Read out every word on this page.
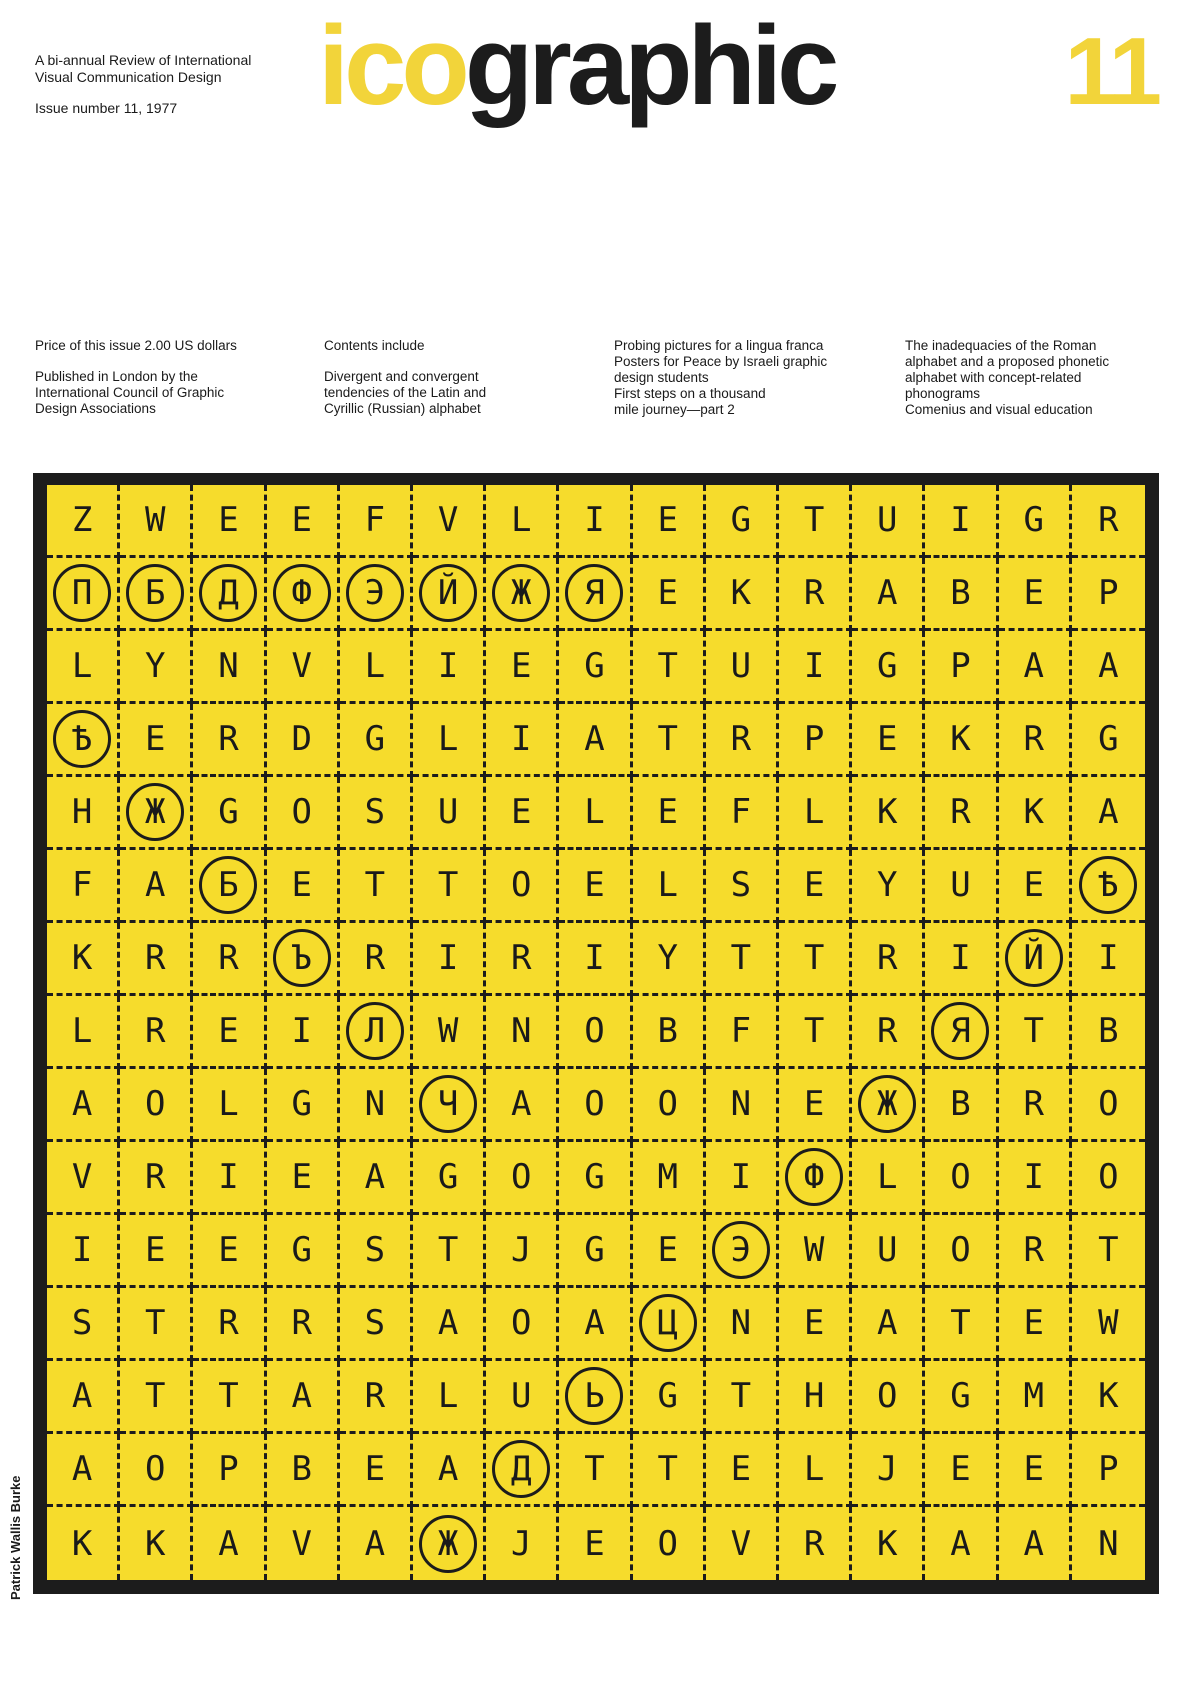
A bi-annual Review of International
Visual Communication Design
Issue number 11, 1977 icographic 11

Price of this issue 2.00 US dollars

Published in London by the

International Council of Graphic

Design Associations

Contents include

Divergent and convergent

tendencies of the Latin and

Cyrillic (Russian) alphabet

Probing pictures for a lingua franca

Posters for Peace by Israeli graphic

design students

First steps on a thousand

mile journey—part 2

The inadequacies of the Roman

alphabet and a proposed phonetic

alphabet with concept-related

phonograms

Comenius and visual education

Z	W	E	E	F	V	L	I	E	G	T	U	I	G	R
П	Б	Д	Ф	Э	Й	Ж	Я	E	K	R	A	B	E	P
L	Y	N	V	L	I	E	G	T	U	I	G	P	A	A
Ѣ	E	R	D	G	L	I	A	T	R	P	E	K	R	G
H	Ж	G	O	S	U	E	L	E	F	L	K	R	K	A
F	A	Б	E	T	T	O	E	L	S	E	Y	U	E	Ѣ
K	R	R	Ъ	R	I	R	I	Y	T	T	R	I	Й	I
L	R	E	I	Л	W	N	O	B	F	T	R	Я	T	B
A	O	L	G	N	Ч	A	O	O	N	E	Ж	B	R	O
V	R	I	E	A	G	O	G	M	I	Ф	L	O	I	O
I	E	E	G	S	T	J	G	E	Э	W	U	O	R	T
S	T	R	R	S	A	O	A	Ц	N	E	A	T	E	W
A	T	T	A	R	L	U	Ь	G	T	H	O	G	M	K
A	O	P	B	E	A	Д	T	T	E	L	J	E	E	P
K	K	A	V	A	Ж	J	E	O	V	R	K	A	A	N
Patrick Wallis Burke
